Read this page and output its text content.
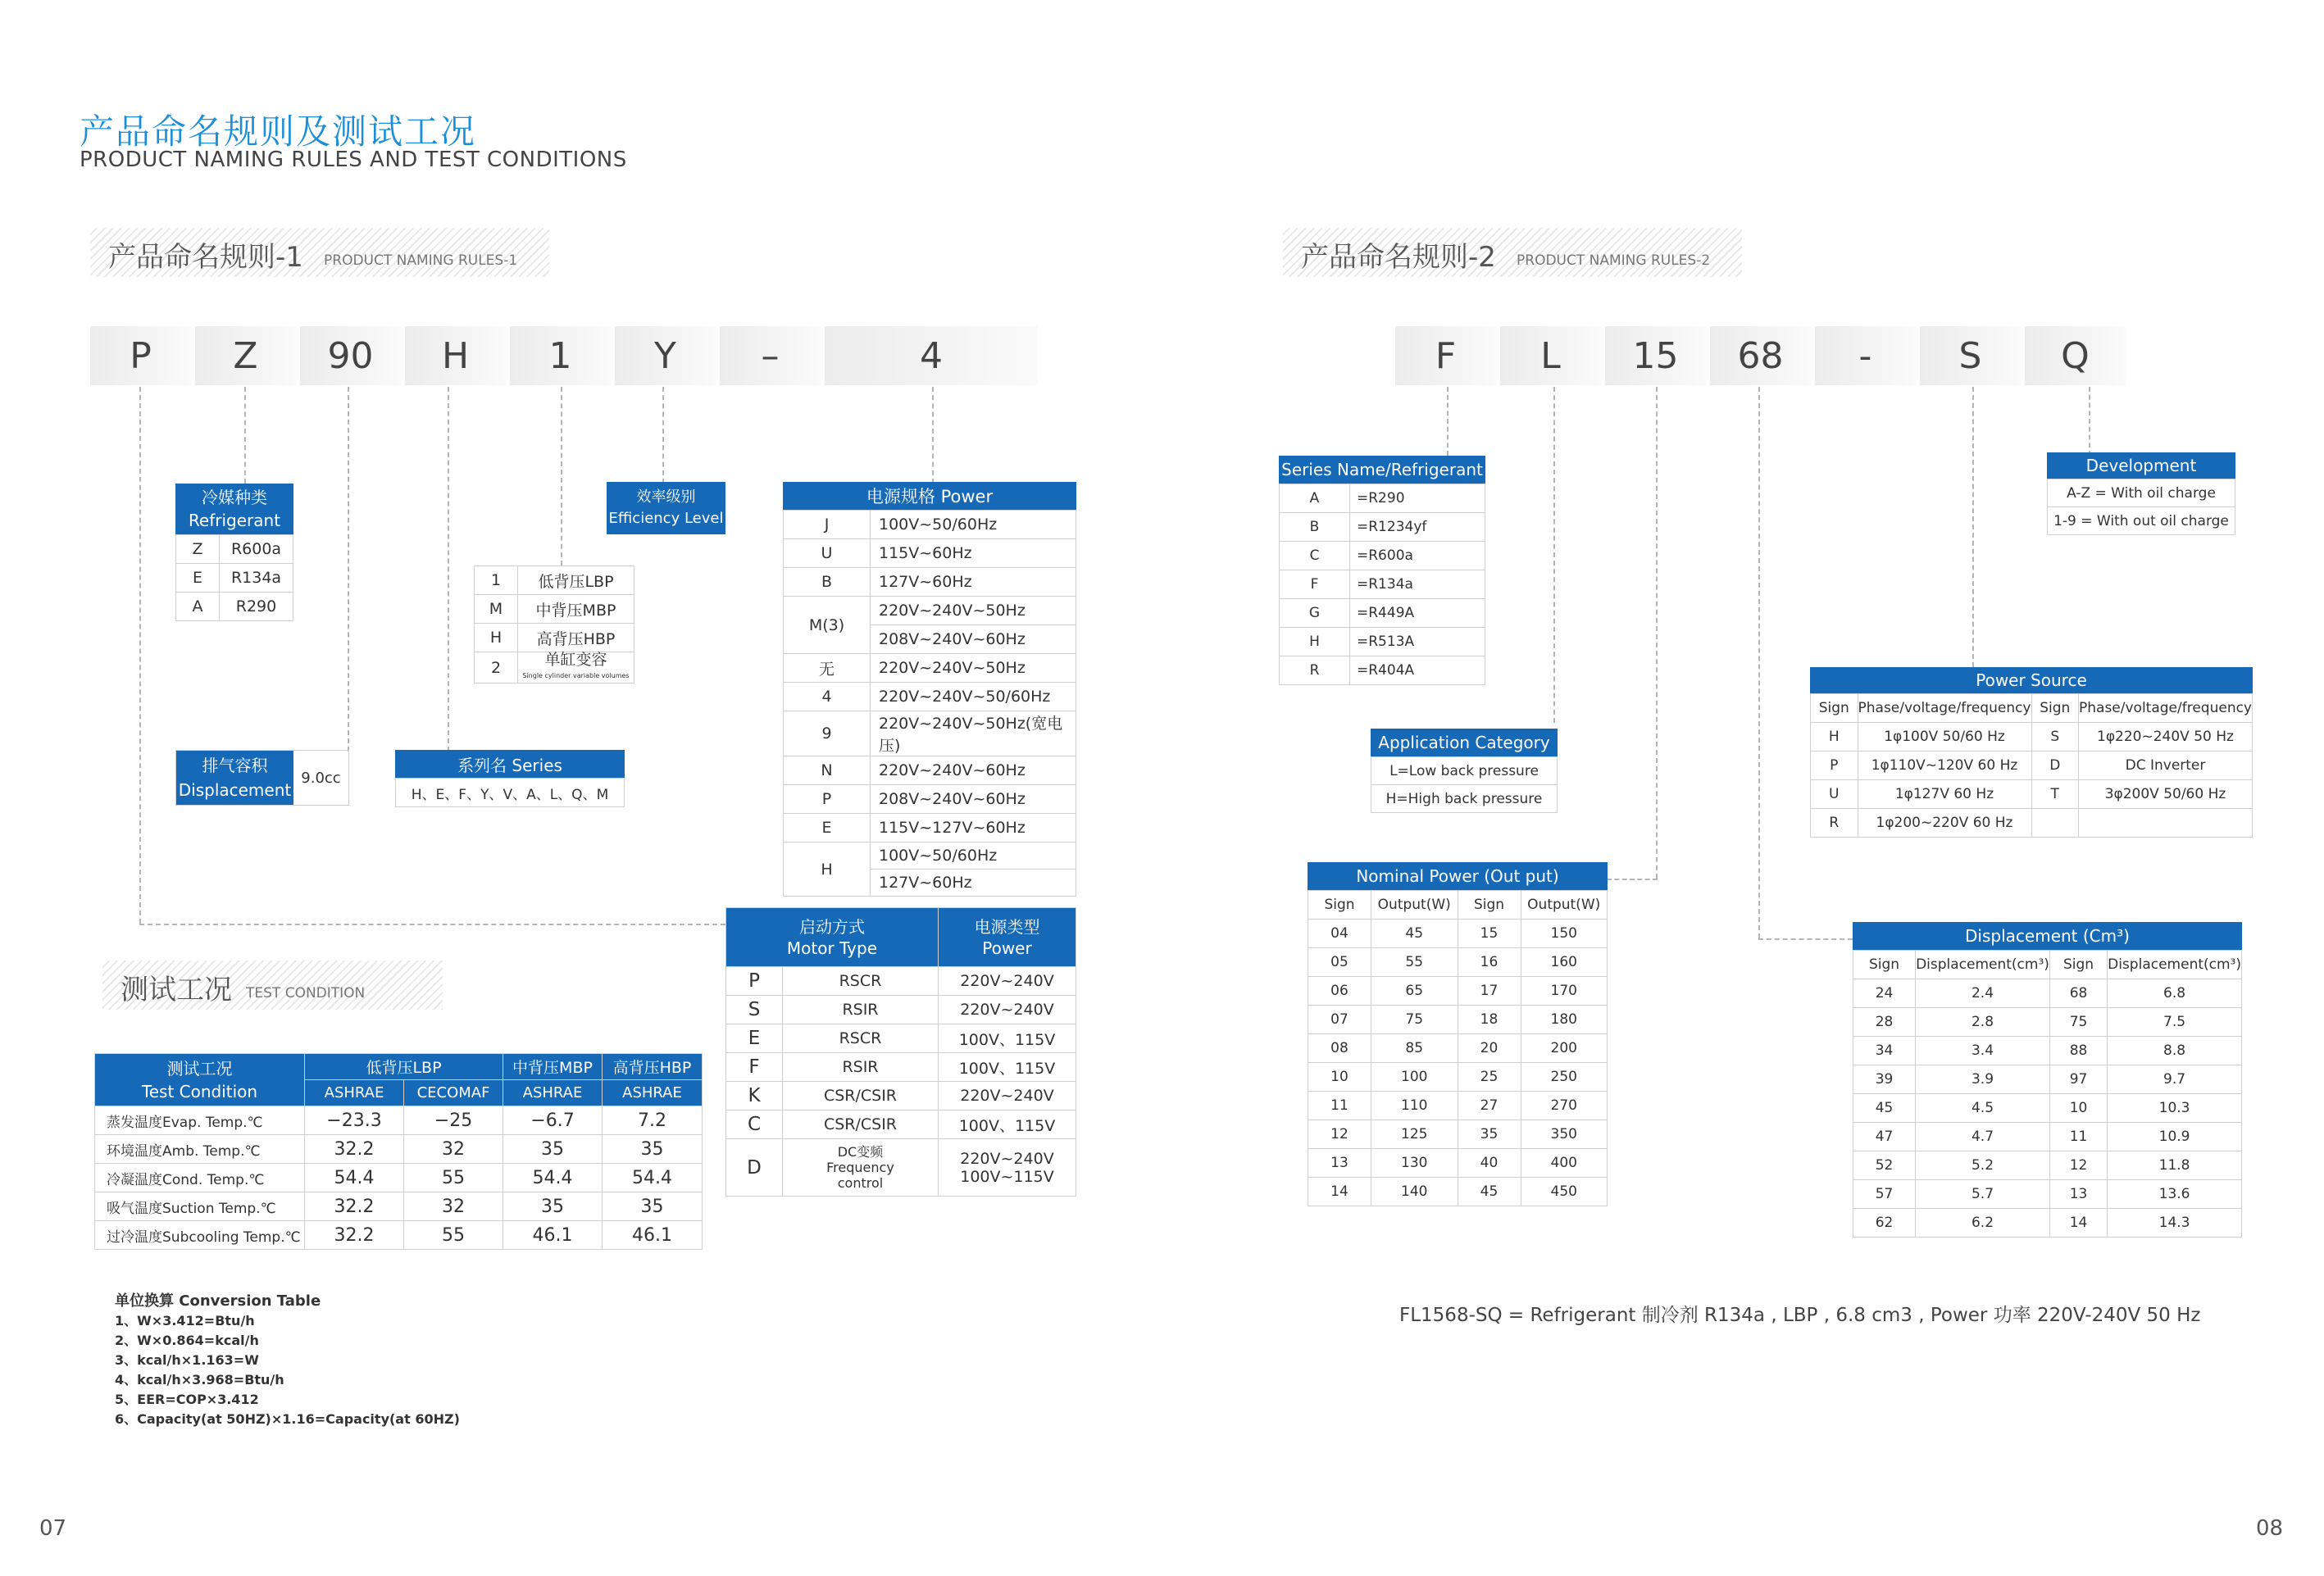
产品命名规则及测试工况
PRODUCT NAMING RULES AND TEST CONDITIONS
产品命名规则-1 PRODUCT NAMING RULES-1	产品命名规则-2 PRODUCT NAMING RULES-2
P	Z	90	H	1	Y	–	4	F	L	15	68	-	S	Q
冷媒种类
Refrigerant
Z	R600a
E	R134a
A	R290
效率级别
Efficiency Level
1	低背压LBP
M	中背压MBP
H	高背压HBP
2	单缸变容
Single cylinder variable volumes
排气容积
Displacement
9.0cc
系列名 Series
H、E、F、Y、V、A、L、Q、M
电源规格 Power
J	100V~50/60Hz
U	115V~60Hz
B	127V~60Hz
M(3)	220V~240V~50Hz
	208V~240V~60Hz
无	220V~240V~50Hz
4	220V~240V~50/60Hz
9	220V~240V~50Hz(宽电压)
N	220V~240V~60Hz
P	208V~240V~60Hz
E	115V~127V~60Hz
H	100V~50/60Hz
	127V~60Hz
启动方式
Motor Type		电源类型
Power
P	RSCR	220V~240V
S	RSIR	220V~240V
E	RSCR	100V、115V
F	RSIR	100V、115V
K	CSR/CSIR	220V~240V
C	CSR/CSIR	100V、115V
D	DC变频
Frequency
control	220V~240V
100V~115V
测试工况 TEST CONDITION
测试工况
Test Condition	低背压LBP		中背压MBP	高背压HBP
	ASHRAE	CECOMAF	ASHRAE	ASHRAE
蒸发温度Evap. Temp.℃	−23.3	−25	−6.7	7.2
环境温度Amb. Temp.℃	32.2	32	35	35
冷凝温度Cond. Temp.℃	54.4	55	54.4	54.4
吸气温度Suction Temp.℃	32.2	32	35	35
过冷温度Subcooling Temp.℃	32.2	55	46.1	46.1
单位换算 Conversion Table
1、W×3.412=Btu/h
2、W×0.864=kcal/h
3、kcal/h×1.163=W
4、kcal/h×3.968=Btu/h
5、EER=COP×3.412
6、Capacity(at 50HZ)×1.16=Capacity(at 60HZ)
Series Name/Refrigerant
A	=R290
B	=R1234yf
C	=R600a
F	=R134a
G	=R449A
H	=R513A
R	=R404A
Application Category
L=Low back pressure
H=High back pressure
Nominal Power (Out put)
Sign	Output(W)	Sign	Output(W)
04	45	15	150
05	55	16	160
06	65	17	170
07	75	18	180
08	85	20	200
10	100	25	250
11	110	27	270
12	125	35	350
13	130	40	400
14	140	45	450
Development
A-Z = With oil charge
1-9 = With out oil charge
Power Source
Sign	Phase/voltage/frequency	Sign	Phase/voltage/frequency
H	1φ100V 50/60 Hz	S	1φ220~240V 50 Hz
P	1φ110V~120V 60 Hz	D	DC Inverter
U	1φ127V 60 Hz	T	3φ200V 50/60 Hz
R	1φ200~220V 60 Hz		
Displacement (Cm³)
Sign	Displacement(cm³)	Sign	Displacement(cm³)
24	2.4	68	6.8
28	2.8	75	7.5
34	3.4	88	8.8
39	3.9	97	9.7
45	4.5	10	10.3
47	4.7	11	10.9
52	5.2	12	11.8
57	5.7	13	13.6
62	6.2	14	14.3
FL1568-SQ = Refrigerant 制冷剂 R134a , LBP , 6.8 cm3 , Power 功率 220V-240V 50 Hz
07	08
